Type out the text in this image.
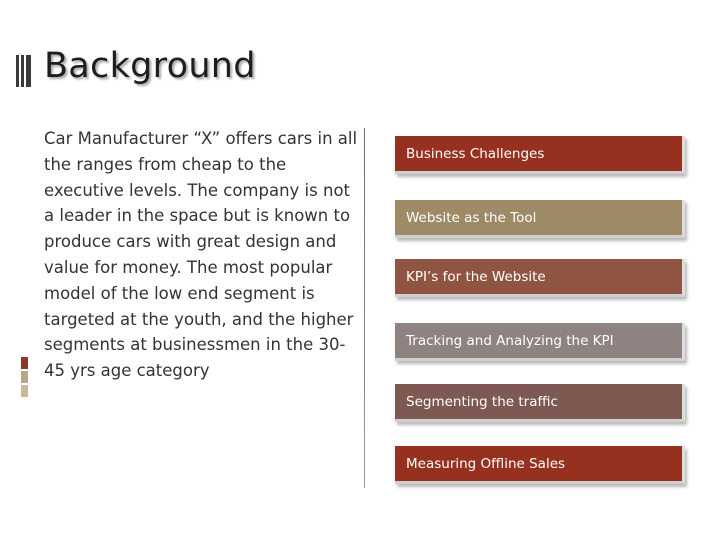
Background

Car Manufacturer “X” offers cars in all the ranges from cheap to the executive levels. The company is not a leader in the space but is known to produce cars with great design and value for money. The most popular model of the low end segment is targeted at the youth, and the higher segments at businessmen in the 30-45 yrs age category

Business Challenges
Website as the Tool
KPI’s for the Website
Tracking and Analyzing the KPI
Segmenting the traffic
Measuring Offline Sales
